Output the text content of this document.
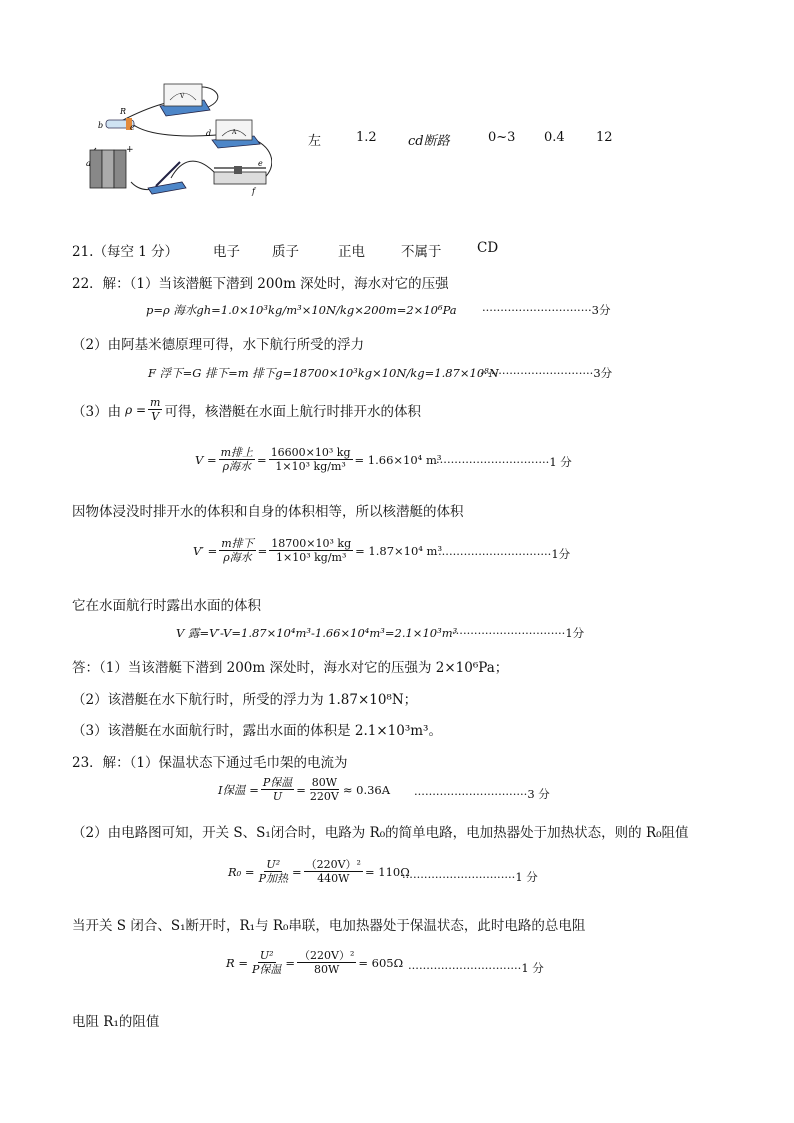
R
b	c
V
d	A
a
+
e
f
左	1.2 cd断路	0~3 0.4 12
21.（每空 1 分）	电子 质子	正电	不属于	CD
22．解：（1）当该潜艇下潜到 200m 深处时，海水对它的压强
p=ρ 海水gh=1.0×10³kg/m³×10N/kg×200m=2×10⁶Pa ······························3分
（2）由阿基米德原理可得，水下航行所受的浮力
F 浮下=G 排下=m 排下g=18700×10³kg×10N/kg=1.87×10⁸N
·······························3分
（3）由 $\rho = \frac{m}{V}$ 可得，核潜艇在水面上航行时排开水的体积
$V = \frac{\text{m排上}}{\text{ρ海水}} = \frac{\text{16600×10³ kg}}{\text{1×10³ kg/m³}} = 1.66\times 10^4$ m³
·······························1 分
因物体浸没时排开水的体积和自身的体积相等，所以核潜艇的体积
$V' = \frac{\text{m排下}}{\text{ρ海水}} = \frac{\text{18700×10³ kg}}{\text{1×10³ kg/m³}} = 1.87\times 10^4$ m³
·······························1分
它在水面航行时露出水面的体积
V 露=V′-V=1.87×10⁴m³-1.66×10⁴m³=2.1×10³m³
·······························1分
答：（1）当该潜艇下潜到 200m 深处时，海水对它的压强为 2×10⁶Pa；
（2）该潜艇在水下航行时，所受的浮力为 1.87×10⁸N；
（3）该潜艇在水面航行时，露出水面的体积是 2.1×10³m³。
23．解：（1）保温状态下通过毛巾架的电流为
I保温 = $\frac{\text{P保温}}{U} = \frac{80W}{220V} \approx 0.36A \cdot\cdot\cdot\cdot\cdot\cdot\cdot\cdot\cdot\cdot\cdot\cdot\cdot\cdot\cdot\cdot\cdot\cdot\cdot\cdot\cdot\cdot\cdot\cdot\cdot\cdot\cdot\cdot\cdot\cdot\cdot 3$ 分
（2）由电路图可知，开关 S、S₁闭合时，电路为 R₀的简单电路，电加热器处于加热状态，则的 R₀阻值
$R_0 = \frac{\text{U²}}{\text{P加热}} = \frac{\text{（220V）²}}{440W} = 110\Omega$
·······························1 分
当开关 S 闭合、S₁断开时，R₁与 R₀串联，电加热器处于保温状态，此时电路的总电阻
$R = \frac{\text{U²}}{\text{P保温}} = \frac{\text{（220V）²}}{80W} = 605\Omega \cdot\cdot\cdot\cdot\cdot\cdot\cdot\cdot\cdot\cdot\cdot\cdot\cdot\cdot\cdot\cdot\cdot\cdot\cdot\cdot\cdot\cdot\cdot\cdot\cdot\cdot\cdot\cdot\cdot\cdot\cdot 1$ 分
电阻 R₁的阻值
